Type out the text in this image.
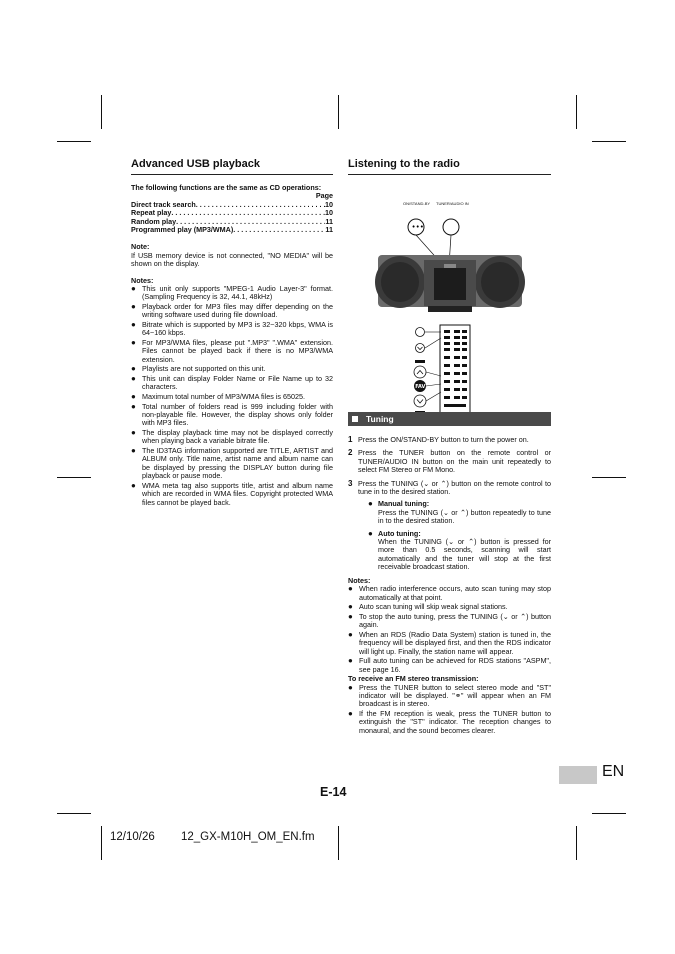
Advanced USB playback

The following functions are the same as CD operations:

Page

Direct track search . . .	10
Repeat play . . .	10
Random play . . .	11
Programmed play (MP3/WMA) . . .	11

Note:

If USB memory device is not connected, "NO MEDIA" will be shown on the display.

Notes:

● This unit only supports "MPEG-1 Audio Layer-3" format. (Sampling Frequency is 32, 44.1, 48kHz)
● Playback order for MP3 files may differ depending on the writing software used during file download.
● Bitrate which is supported by MP3 is 32~320 kbps, WMA is 64~160 kbps.
● For MP3/WMA files, please put ".MP3" ".WMA" extension. Files cannot be played back if there is no MP3/WMA extension.
● Playlists are not supported on this unit.
● This unit can display Folder Name or File Name up to 32 characters.
● Maximum total number of MP3/WMA files is 65025.
● Total number of folders read is 999 including folder with non-playable file. However, the display shows only folder with MP3 files.
● The display playback time may not be displayed correctly when playing back a variable bitrate file.
● The ID3TAG information supported are TITLE, ARTIST and ALBUM only. Title name, artist name and album name can be displayed by pressing the DISPLAY button during file playback or pause mode.
● WMA meta tag also supports title, artist and album name which are recorded in WMA files. Copyright protected WMA files cannot be played back.
Listening to the radio
ON/STAND-BY TUNER/AUDIO IN
•••
FAV
Tuning
1 Press the ON/STAND-BY button to turn the power on.
2 Press the TUNER button on the remote control or TUNER/AUDIO IN button on the main unit repeatedly to select FM Stereo or FM Mono.
3 Press the TUNING (⌄ or ⌃) button on the remote control to tune in to the desired station.
● Manual tuning:

Press the TUNING (⌄ or ⌃) button repeatedly to tune in to the desired station.

● Auto tuning:

When the TUNING (⌄ or ⌃) button is pressed for more than 0.5 seconds, scanning will start automatically and the tuner will stop at the first receivable broadcast station.

Notes:

● When radio interference occurs, auto scan tuning may stop automatically at that point.
● Auto scan tuning will skip weak signal stations.
● To stop the auto tuning, press the TUNING (⌄ or ⌃) button again.
● When an RDS (Radio Data System) station is tuned in, the frequency will be displayed first, and then the RDS indicator will light up. Finally, the station name will appear.
● Full auto tuning can be achieved for RDS stations "ASPM", see page 16.

To receive an FM stereo transmission:

● Press the TUNER button to select stereo mode and "ST" indicator will be displayed. "⚭" will appear when an FM broadcast is in stereo.
● If the FM reception is weak, press the TUNER button to extinguish the "ST" indicator. The reception changes to monaural, and the sound becomes clearer.
E-14
EN
12/10/26 12_GX-M10H_OM_EN.fm
